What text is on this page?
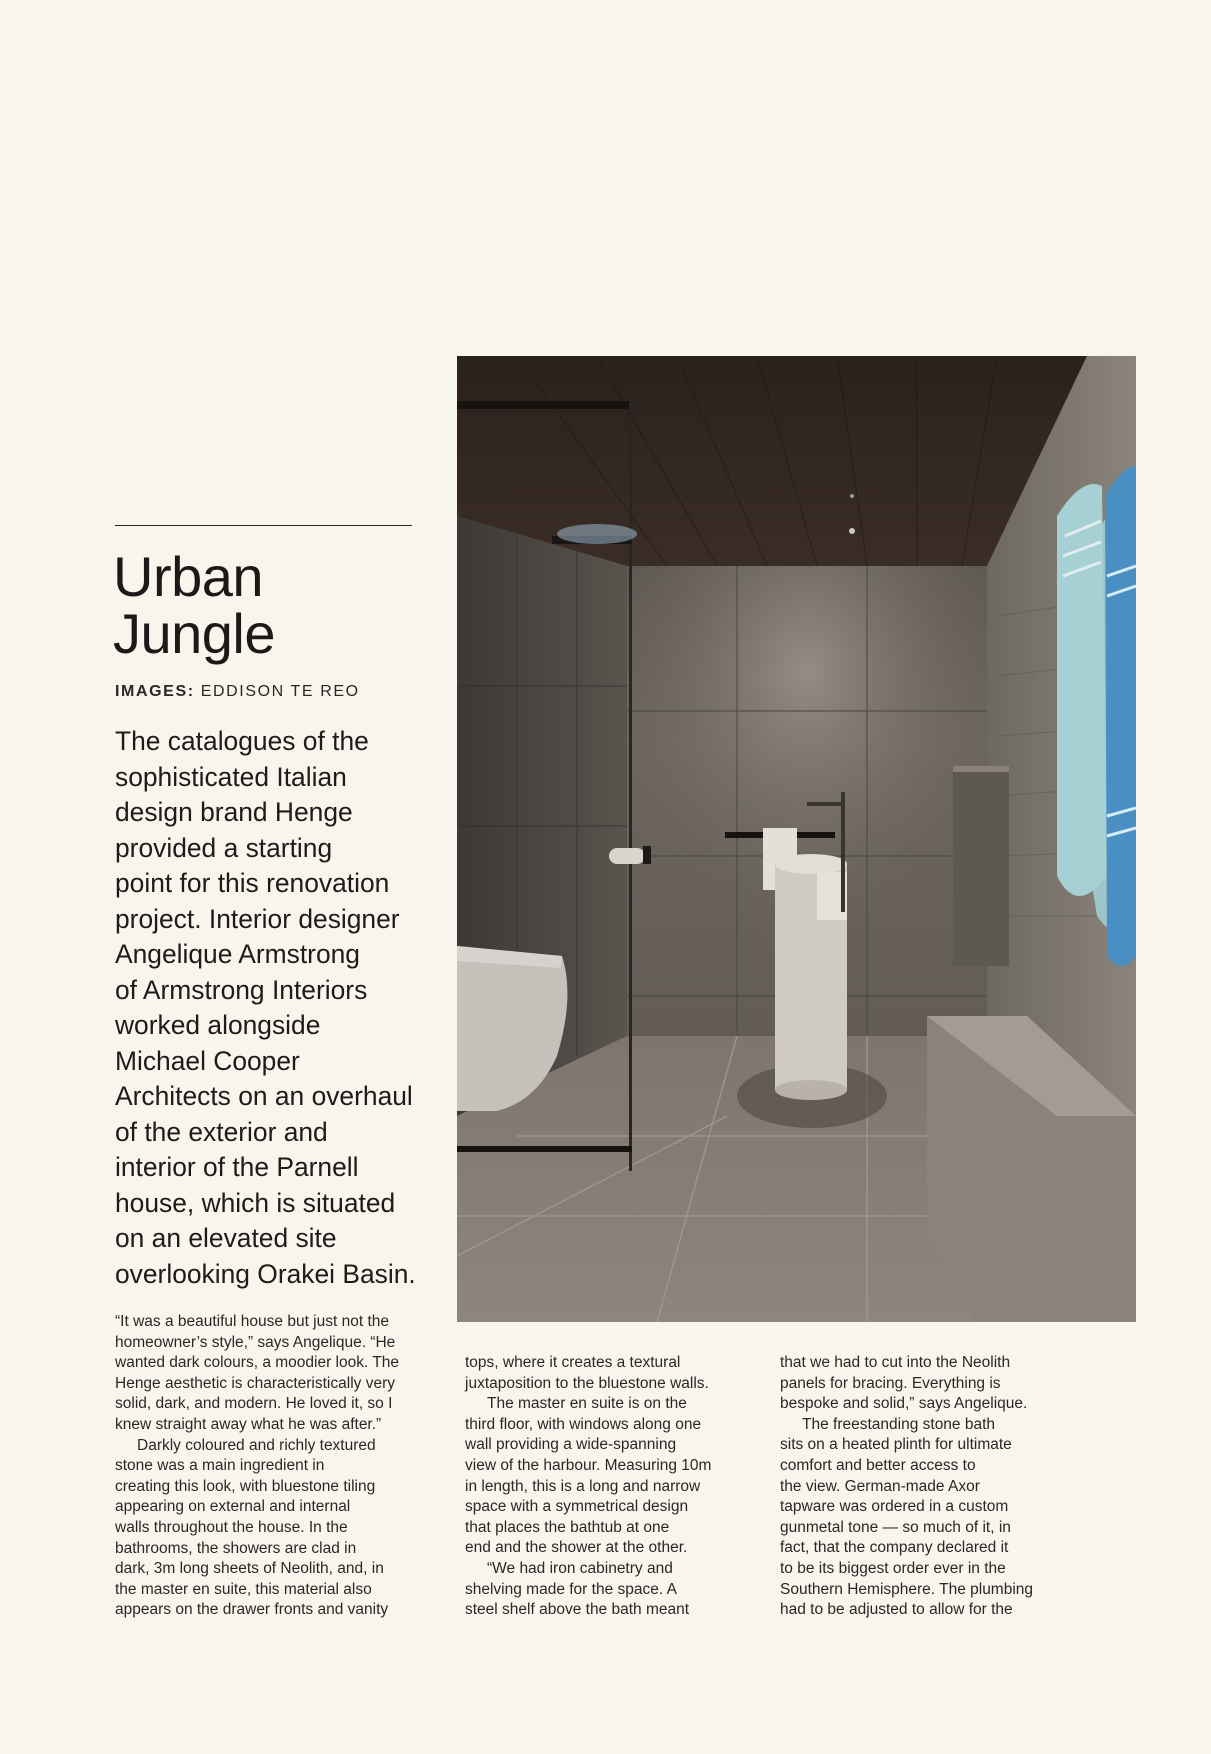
Urban
Jungle
IMAGES: EDDISON TE REO
The catalogues of the
sophisticated Italian
design brand Henge
provided a starting
point for this renovation
project. Interior designer
Angelique Armstrong
of Armstrong Interiors
worked alongside
Michael Cooper
Architects on an overhaul
of the exterior and
interior of the Parnell
house, which is situated
on an elevated site
overlooking Orakei Basin.
“It was a beautiful house but just not the
homeowner’s style,” says Angelique. “He
wanted dark colours, a moodier look. The
Henge aesthetic is characteristically very
solid, dark, and modern. He loved it, so I
knew straight away what he was after.”
Darkly coloured and richly textured
stone was a main ingredient in
creating this look, with bluestone tiling
appearing on external and internal
walls throughout the house. In the
bathrooms, the showers are clad in
dark, 3m long sheets of Neolith, and, in
the master en suite, this material also
appears on the drawer fronts and vanity
tops, where it creates a textural
juxtaposition to the bluestone walls.
The master en suite is on the
third floor, with windows along one
wall providing a wide-spanning
view of the harbour. Measuring 10m
in length, this is a long and narrow
space with a symmetrical design
that places the bathtub at one
end and the shower at the other.
“We had iron cabinetry and
shelving made for the space. A
steel shelf above the bath meant
that we had to cut into the Neolith
panels for bracing. Everything is
bespoke and solid,” says Angelique.
The freestanding stone bath
sits on a heated plinth for ultimate
comfort and better access to
the view. German-made Axor
tapware was ordered in a custom
gunmetal tone — so much of it, in
fact, that the company declared it
to be its biggest order ever in the
Southern Hemisphere. The plumbing
had to be adjusted to allow for the
